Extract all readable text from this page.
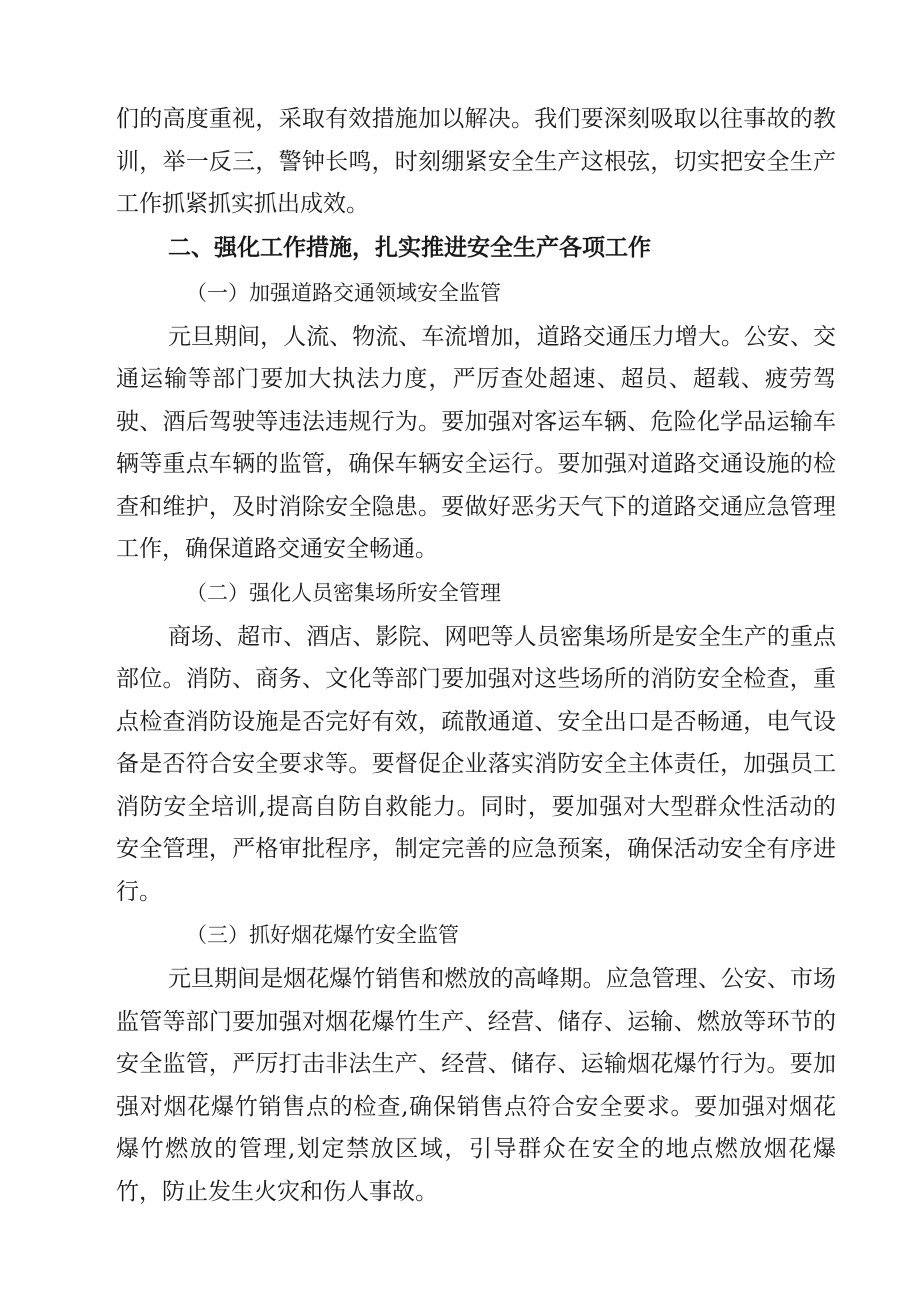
们的高度重视，采取有效措施加以解决。我们要深刻吸取以往事故的教训，举一反三，警钟长鸣，时刻绷紧安全生产这根弦，切实把安全生产工作抓紧抓实抓出成效。

二、强化工作措施，扎实推进安全生产各项工作

（一）加强道路交通领域安全监管

元旦期间，人流、物流、车流增加，道路交通压力增大。公安、交通运输等部门要加大执法力度，严厉查处超速、超员、超载、疲劳驾驶、酒后驾驶等违法违规行为。要加强对客运车辆、危险化学品运输车辆等重点车辆的监管，确保车辆安全运行。要加强对道路交通设施的检查和维护，及时消除安全隐患。要做好恶劣天气下的道路交通应急管理工作，确保道路交通安全畅通。

（二）强化人员密集场所安全管理

商场、超市、酒店、影院、网吧等人员密集场所是安全生产的重点部位。消防、商务、文化等部门要加强对这些场所的消防安全检查，重点检查消防设施是否完好有效，疏散通道、安全出口是否畅通，电气设备是否符合安全要求等。要督促企业落实消防安全主体责任，加强员工消防安全培训,提高自防自救能力。同时，要加强对大型群众性活动的安全管理，严格审批程序，制定完善的应急预案，确保活动安全有序进行。

（三）抓好烟花爆竹安全监管

元旦期间是烟花爆竹销售和燃放的高峰期。应急管理、公安、市场监管等部门要加强对烟花爆竹生产、经营、储存、运输、燃放等环节的安全监管，严厉打击非法生产、经营、储存、运输烟花爆竹行为。要加强对烟花爆竹销售点的检查,确保销售点符合安全要求。要加强对烟花爆竹燃放的管理,划定禁放区域，引导群众在安全的地点燃放烟花爆竹，防止发生火灾和伤人事故。
